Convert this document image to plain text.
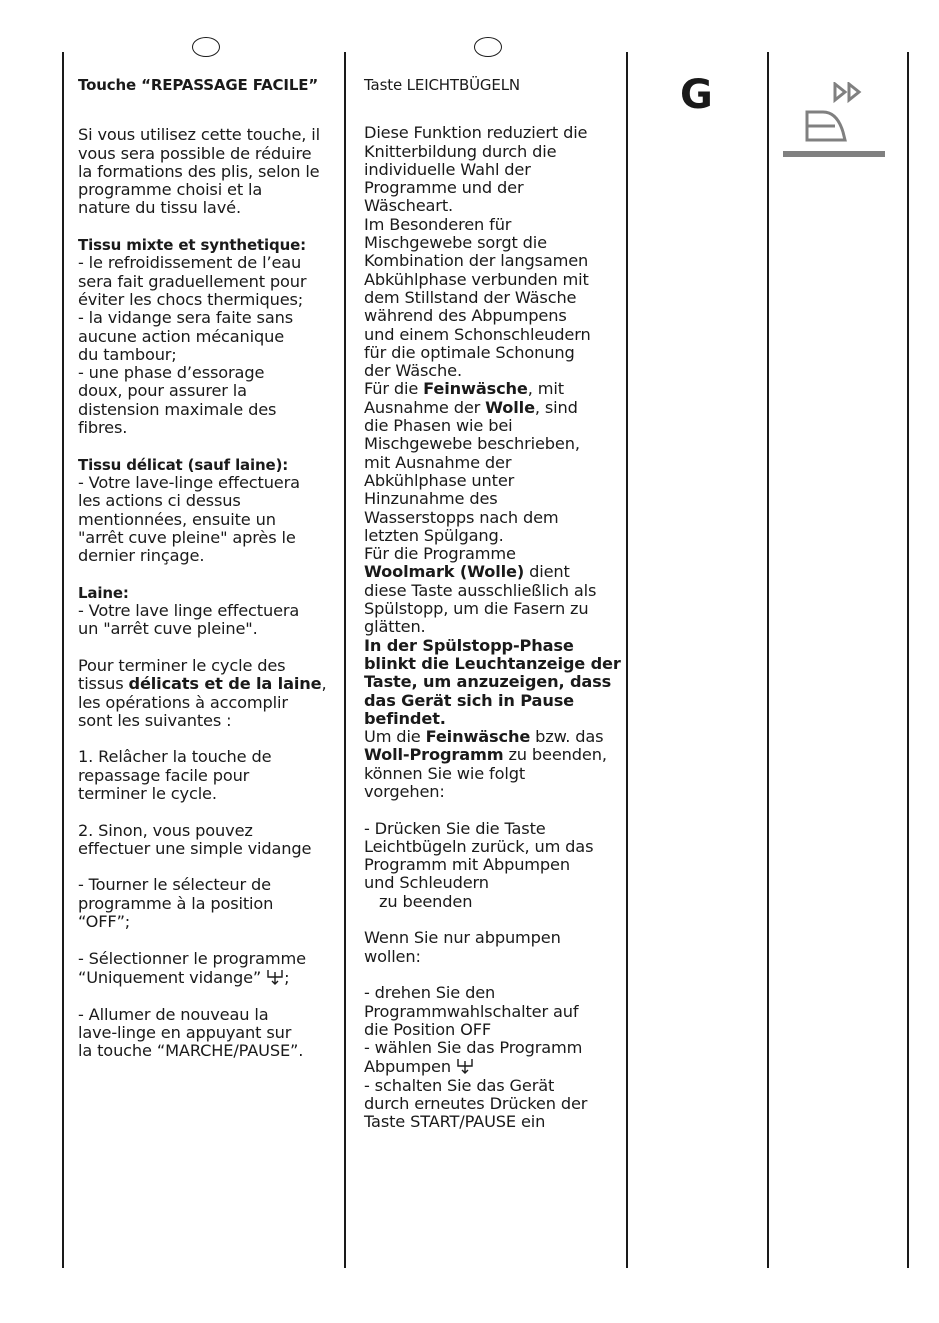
G

Touche “REPASSAGE FACILE”

Si vous utilisez cette touche, il

vous sera possible de réduire

la formations des plis, selon le

programme choisi et la

nature du tissu lavé.

Tissu mixte et synthetique:

- le refroidissement de l’eau

sera fait graduellement pour

éviter les chocs thermiques;

- la vidange sera faite sans

aucune action mécanique

du tambour;

- une phase d’essorage

doux, pour assurer la

distension maximale des

fibres.

Tissu délicat (sauf laine):

- Votre lave-linge effectuera

les actions ci dessus

mentionnées, ensuite un

"arrêt cuve pleine" après le

dernier rinçage.

Laine:

- Votre lave linge effectuera

un "arrêt cuve pleine".

Pour terminer le cycle des

tissus délicats et de la laine,

les opérations à accomplir

sont les suivantes :

1. Relâcher la touche de

repassage facile pour

terminer le cycle.

2. Sinon, vous pouvez

effectuer une simple vidange

- Tourner le sélecteur de

programme à la position

“OFF”;

- Sélectionner le programme

“Uniquement vidange” ;

- Allumer de nouveau la

lave-linge en appuyant sur

la touche “MARCHE/PAUSE”.

Taste LEICHTBÜGELN

Diese Funktion reduziert die

Knitterbildung durch die

individuelle Wahl der

Programme und der

Wäscheart.

Im Besonderen für

Mischgewebe sorgt die

Kombination der langsamen

Abkühlphase verbunden mit

dem Stillstand der Wäsche

während des Abpumpens

und einem Schonschleudern

für die optimale Schonung

der Wäsche.

Für die Feinwäsche, mit

Ausnahme der Wolle, sind

die Phasen wie bei

Mischgewebe beschrieben,

mit Ausnahme der

Abkühlphase unter

Hinzunahme des

Wasserstopps nach dem

letzten Spülgang.

Für die Programme

Woolmark (Wolle) dient

diese Taste ausschließlich als

Spülstopp, um die Fasern zu

glätten.

In der Spülstopp-Phase

blinkt die Leuchtanzeige der

Taste, um anzuzeigen, dass

das Gerät sich in Pause

befindet.

Um die Feinwäsche bzw. das

Woll-Programm zu beenden,

können Sie wie folgt

vorgehen:

- Drücken Sie die Taste

Leichtbügeln zurück, um das

Programm mit Abpumpen

und Schleudern

zu beenden

Wenn Sie nur abpumpen

wollen:

- drehen Sie den

Programmwahlschalter auf

die Position OFF

- wählen Sie das Programm

Abpumpen

- schalten Sie das Gerät

durch erneutes Drücken der

Taste START/PAUSE ein
